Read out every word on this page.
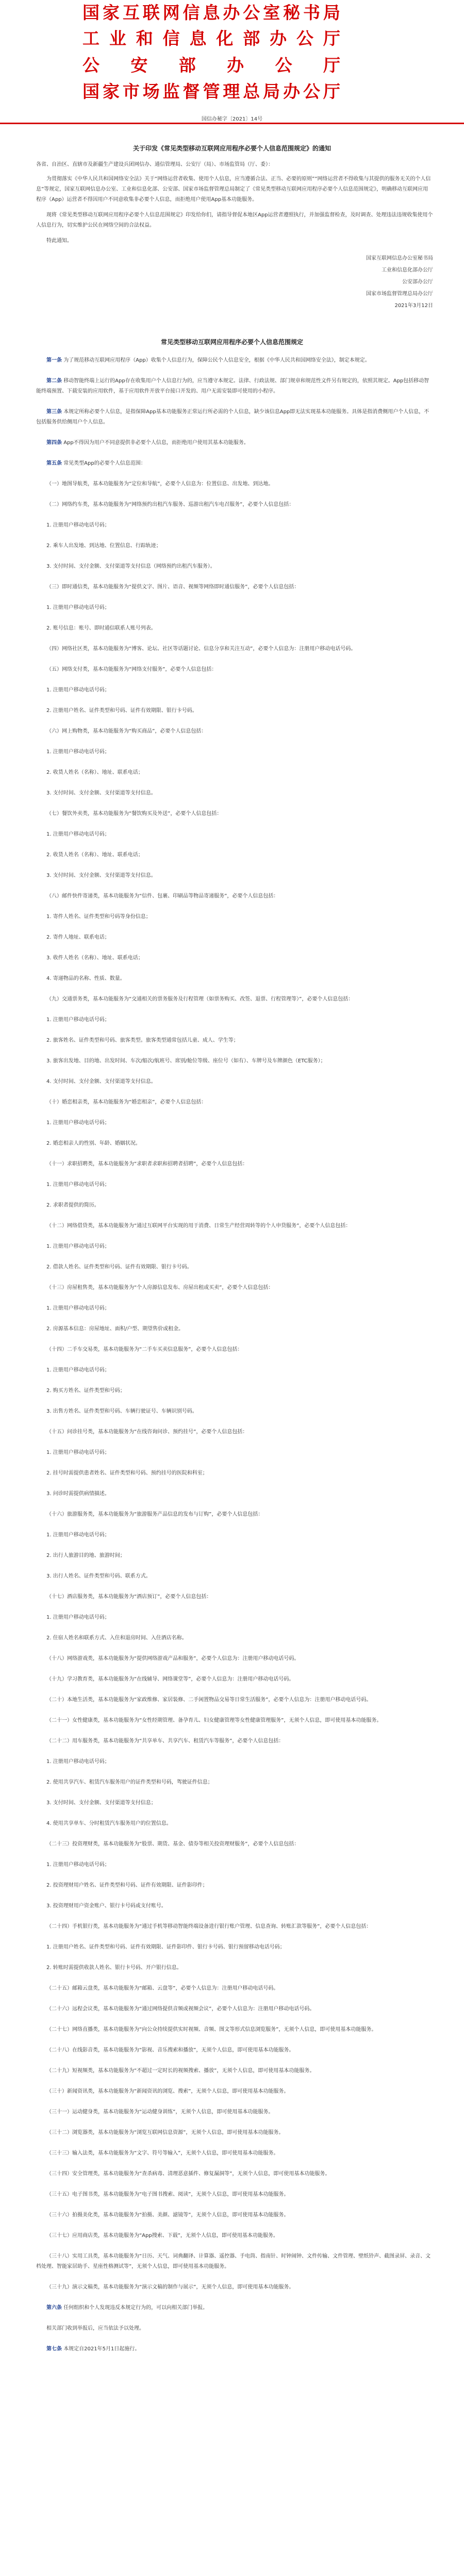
国 家 互 联 网 信 息 办 公 室 秘 书 局
工 业 和 信 息 化 部 办 公 厅
公 安 部 办 公 厅
国 家 市 场 监 督 管 理 总 局 办 公 厅
国信办秘字〔2021〕14号
关于印发《常见类型移动互联网应用程序必要个人信息范围规定》的通知

各省、自治区、直辖市及新疆生产建设兵团网信办、通信管理局、公安厅（局）、市场监管局（厅、委）：

为贯彻落实《中华人民共和国网络安全法》关于“网络运营者收集、使用个人信息，应当遵循合法、正当、必要的原则”“网络运营者不得收集与其提供的服务无关的个人信息”等规定，国家互联网信息办公室、工业和信息化部、公安部、国家市场监督管理总局制定了《常见类型移动互联网应用程序必要个人信息范围规定》，明确移动互联网应用程序（App）运营者不得因用户不同意收集非必要个人信息，而拒绝用户使用App基本功能服务。

现将《常见类型移动互联网应用程序必要个人信息范围规定》印发给你们，请指导督促本地区App运营者遵照执行，并加强监督检查，及时调查、处理违法违规收集使用个人信息行为，切实维护公民在网络空间的合法权益。

特此通知。

国家互联网信息办公室秘书局
工业和信息化部办公厅
公安部办公厅
国家市场监督管理总局办公厅
2021年3月12日
常见类型移动互联网应用程序必要个人信息范围规定

第一条 为了规范移动互联网应用程序（App）收集个人信息行为，保障公民个人信息安全，根据《中华人民共和国网络安全法》，制定本规定。

第二条 移动智能终端上运行的App存在收集用户个人信息行为的，应当遵守本规定。法律、行政法规、部门规章和规范性文件另有规定的，依照其规定。App包括移动智能终端预置、下载安装的应用软件，基于应用软件开放平台接口开发的、用户无需安装即可使用的小程序。

第三条 本规定所称必要个人信息，是指保障App基本功能服务正常运行所必需的个人信息，缺少该信息App即无法实现基本功能服务。具体是指消费侧用户个人信息，不包括服务供给侧用户个人信息。

第四条 App不得因为用户不同意提供非必要个人信息，而拒绝用户使用其基本功能服务。

第五条 常见类型App的必要个人信息范围：

（一）地图导航类，基本功能服务为“定位和导航”，必要个人信息为：位置信息、出发地、到达地。

（二）网络约车类，基本功能服务为“网络预约出租汽车服务、巡游出租汽车电召服务”，必要个人信息包括：

1. 注册用户移动电话号码；

2. 乘车人出发地、到达地、位置信息、行踪轨迹；

3. 支付时间、支付金额、支付渠道等支付信息（网络预约出租汽车服务）。

（三）即时通信类，基本功能服务为“提供文字、图片、语音、视频等网络即时通信服务”，必要个人信息包括：

1. 注册用户移动电话号码；

2. 账号信息：账号、即时通信联系人账号列表。

（四）网络社区类，基本功能服务为“博客、论坛、社区等话题讨论、信息分享和关注互动”，必要个人信息为：注册用户移动电话号码。

（五）网络支付类，基本功能服务为“网络支付服务”，必要个人信息包括：

1. 注册用户移动电话号码；

2. 注册用户姓名、证件类型和号码、证件有效期限、银行卡号码。

（六）网上购物类，基本功能服务为“购买商品”，必要个人信息包括：

1. 注册用户移动电话号码；

2. 收货人姓名（名称）、地址、联系电话；

3. 支付时间、支付金额、支付渠道等支付信息。

（七）餐饮外卖类，基本功能服务为“餐饮购买及外送”，必要个人信息包括：

1. 注册用户移动电话号码；

2. 收货人姓名（名称）、地址、联系电话；

3. 支付时间、支付金额、支付渠道等支付信息。

（八）邮件快件寄递类，基本功能服务为“信件、包裹、印刷品等物品寄递服务”，必要个人信息包括：

1. 寄件人姓名、证件类型和号码等身份信息；

2. 寄件人地址、联系电话；

3. 收件人姓名（名称）、地址、联系电话；

4. 寄递物品的名称、性质、数量。

（九）交通票务类，基本功能服务为“交通相关的票务服务及行程管理（如票务购买、改签、退票、行程管理等）”，必要个人信息包括：

1. 注册用户移动电话号码；

2. 旅客姓名、证件类型和号码、旅客类型。旅客类型通常包括儿童、成人、学生等；

3. 旅客出发地、目的地、出发时间、车次/船次/航班号、席别/舱位等级、座位号（如有）、车牌号及车牌颜色（ETC服务）；

4. 支付时间、支付金额、支付渠道等支付信息。

（十）婚恋相亲类，基本功能服务为“婚恋相亲”，必要个人信息包括：

1. 注册用户移动电话号码；

2. 婚恋相亲人的性别、年龄、婚姻状况。

（十一）求职招聘类，基本功能服务为“求职者求职和招聘者招聘”，必要个人信息包括：

1. 注册用户移动电话号码；

2. 求职者提供的简历。

（十二）网络借贷类，基本功能服务为“通过互联网平台实现的用于消费、日常生产经营周转等的个人申贷服务”，必要个人信息包括：

1. 注册用户移动电话号码；

2. 借款人姓名、证件类型和号码、证件有效期限、银行卡号码。

（十三）房屋租售类，基本功能服务为“个人房源信息发布、房屋出租或买卖”，必要个人信息包括：

1. 注册用户移动电话号码；

2. 房源基本信息：房屋地址、面积/户型、期望售价或租金。

（十四）二手车交易类，基本功能服务为“二手车买卖信息服务”，必要个人信息包括：

1. 注册用户移动电话号码；

2. 购买方姓名、证件类型和号码；

3. 出售方姓名、证件类型和号码、车辆行驶证号、车辆识别号码。

（十五）问诊挂号类，基本功能服务为“在线咨询问诊、预约挂号”，必要个人信息包括：

1. 注册用户移动电话号码；

2. 挂号时需提供患者姓名、证件类型和号码、预约挂号的医院和科室；

3. 问诊时需提供病情描述。

（十六）旅游服务类，基本功能服务为“旅游服务产品信息的发布与订购”，必要个人信息包括：

1. 注册用户移动电话号码；

2. 出行人旅游目的地、旅游时间；

3. 出行人姓名、证件类型和号码、联系方式。

（十七）酒店服务类，基本功能服务为“酒店预订”，必要个人信息包括：

1. 注册用户移动电话号码；

2. 住宿人姓名和联系方式、入住和退房时间、入住酒店名称。

（十八）网络游戏类，基本功能服务为“提供网络游戏产品和服务”，必要个人信息为：注册用户移动电话号码。

（十九）学习教育类，基本功能服务为“在线辅导、网络课堂等”，必要个人信息为：注册用户移动电话号码。

（二十）本地生活类，基本功能服务为“家政维修、家居装修、二手闲置物品交易等日常生活服务”，必要个人信息为：注册用户移动电话号码。

（二十一）女性健康类，基本功能服务为“女性经期管理、备孕育儿、妇女健康管理等女性健康管理服务”，无须个人信息，即可使用基本功能服务。

（二十二）用车服务类，基本功能服务为“共享单车、共享汽车、租赁汽车等服务”，必要个人信息包括：

1. 注册用户移动电话号码；

2. 使用共享汽车、租赁汽车服务用户的证件类型和号码，驾驶证件信息；

3. 支付时间、支付金额、支付渠道等支付信息；

4. 使用共享单车、分时租赁汽车服务用户的位置信息。

（二十三）投资理财类，基本功能服务为“股票、期货、基金、债券等相关投资理财服务”，必要个人信息包括：

1. 注册用户移动电话号码；

2. 投资理财用户姓名、证件类型和号码、证件有效期限、证件影印件；

3. 投资理财用户资金账户、银行卡号码或支付账号。

（二十四）手机银行类，基本功能服务为“通过手机等移动智能终端设备进行银行账户管理、信息查询、转账汇款等服务”，必要个人信息包括：

1. 注册用户姓名、证件类型和号码、证件有效期限、证件影印件、银行卡号码、银行预留移动电话号码；

2. 转账时需提供收款人姓名、银行卡号码、开户银行信息。

（二十五）邮箱云盘类，基本功能服务为“邮箱、云盘等”，必要个人信息为：注册用户移动电话号码。

（二十六）远程会议类，基本功能服务为“通过网络提供音频或视频会议”，必要个人信息为：注册用户移动电话号码。

（二十七）网络直播类，基本功能服务为“向公众持续提供实时视频、音频、图文等形式信息浏览服务”，无须个人信息，即可使用基本功能服务。

（二十八）在线影音类，基本功能服务为“影视、音乐搜索和播放”，无须个人信息，即可使用基本功能服务。

（二十九）短视频类，基本功能服务为“不超过一定时长的视频搜索、播放”，无须个人信息，即可使用基本功能服务。

（三十）新闻资讯类，基本功能服务为“新闻资讯的浏览、搜索”，无须个人信息，即可使用基本功能服务。

（三十一）运动健身类，基本功能服务为“运动健身训练”，无须个人信息，即可使用基本功能服务。

（三十二）浏览器类，基本功能服务为“浏览互联网信息资源”，无须个人信息，即可使用基本功能服务。

（三十三）输入法类，基本功能服务为“文字、符号等输入”，无须个人信息，即可使用基本功能服务。

（三十四）安全管理类，基本功能服务为“查杀病毒、清理恶意插件、修复漏洞等”，无须个人信息，即可使用基本功能服务。

（三十五）电子图书类，基本功能服务为“电子图书搜索、阅读”，无须个人信息，即可使用基本功能服务。

（三十六）拍摄美化类，基本功能服务为“拍摄、美颜、滤镜等”，无须个人信息，即可使用基本功能服务。

（三十七）应用商店类，基本功能服务为“App搜索、下载”，无须个人信息，即可使用基本功能服务。

（三十八）实用工具类，基本功能服务为“日历、天气、词典翻译、计算器、遥控器、手电筒、指南针、时钟闹钟、文件传输、文件管理、壁纸铃声、截图录屏、录音、文档处理、智能家居助手、星座性格测试等”，无须个人信息，即可使用基本功能服务。

（三十九）演示文稿类，基本功能服务为“演示文稿的制作与展示”，无须个人信息，即可使用基本功能服务。

第六条 任何组织和个人发现违反本规定行为的，可以向相关部门举报。

相关部门收到举报后，应当依法予以处理。

第七条 本规定自2021年5月1日起施行。
